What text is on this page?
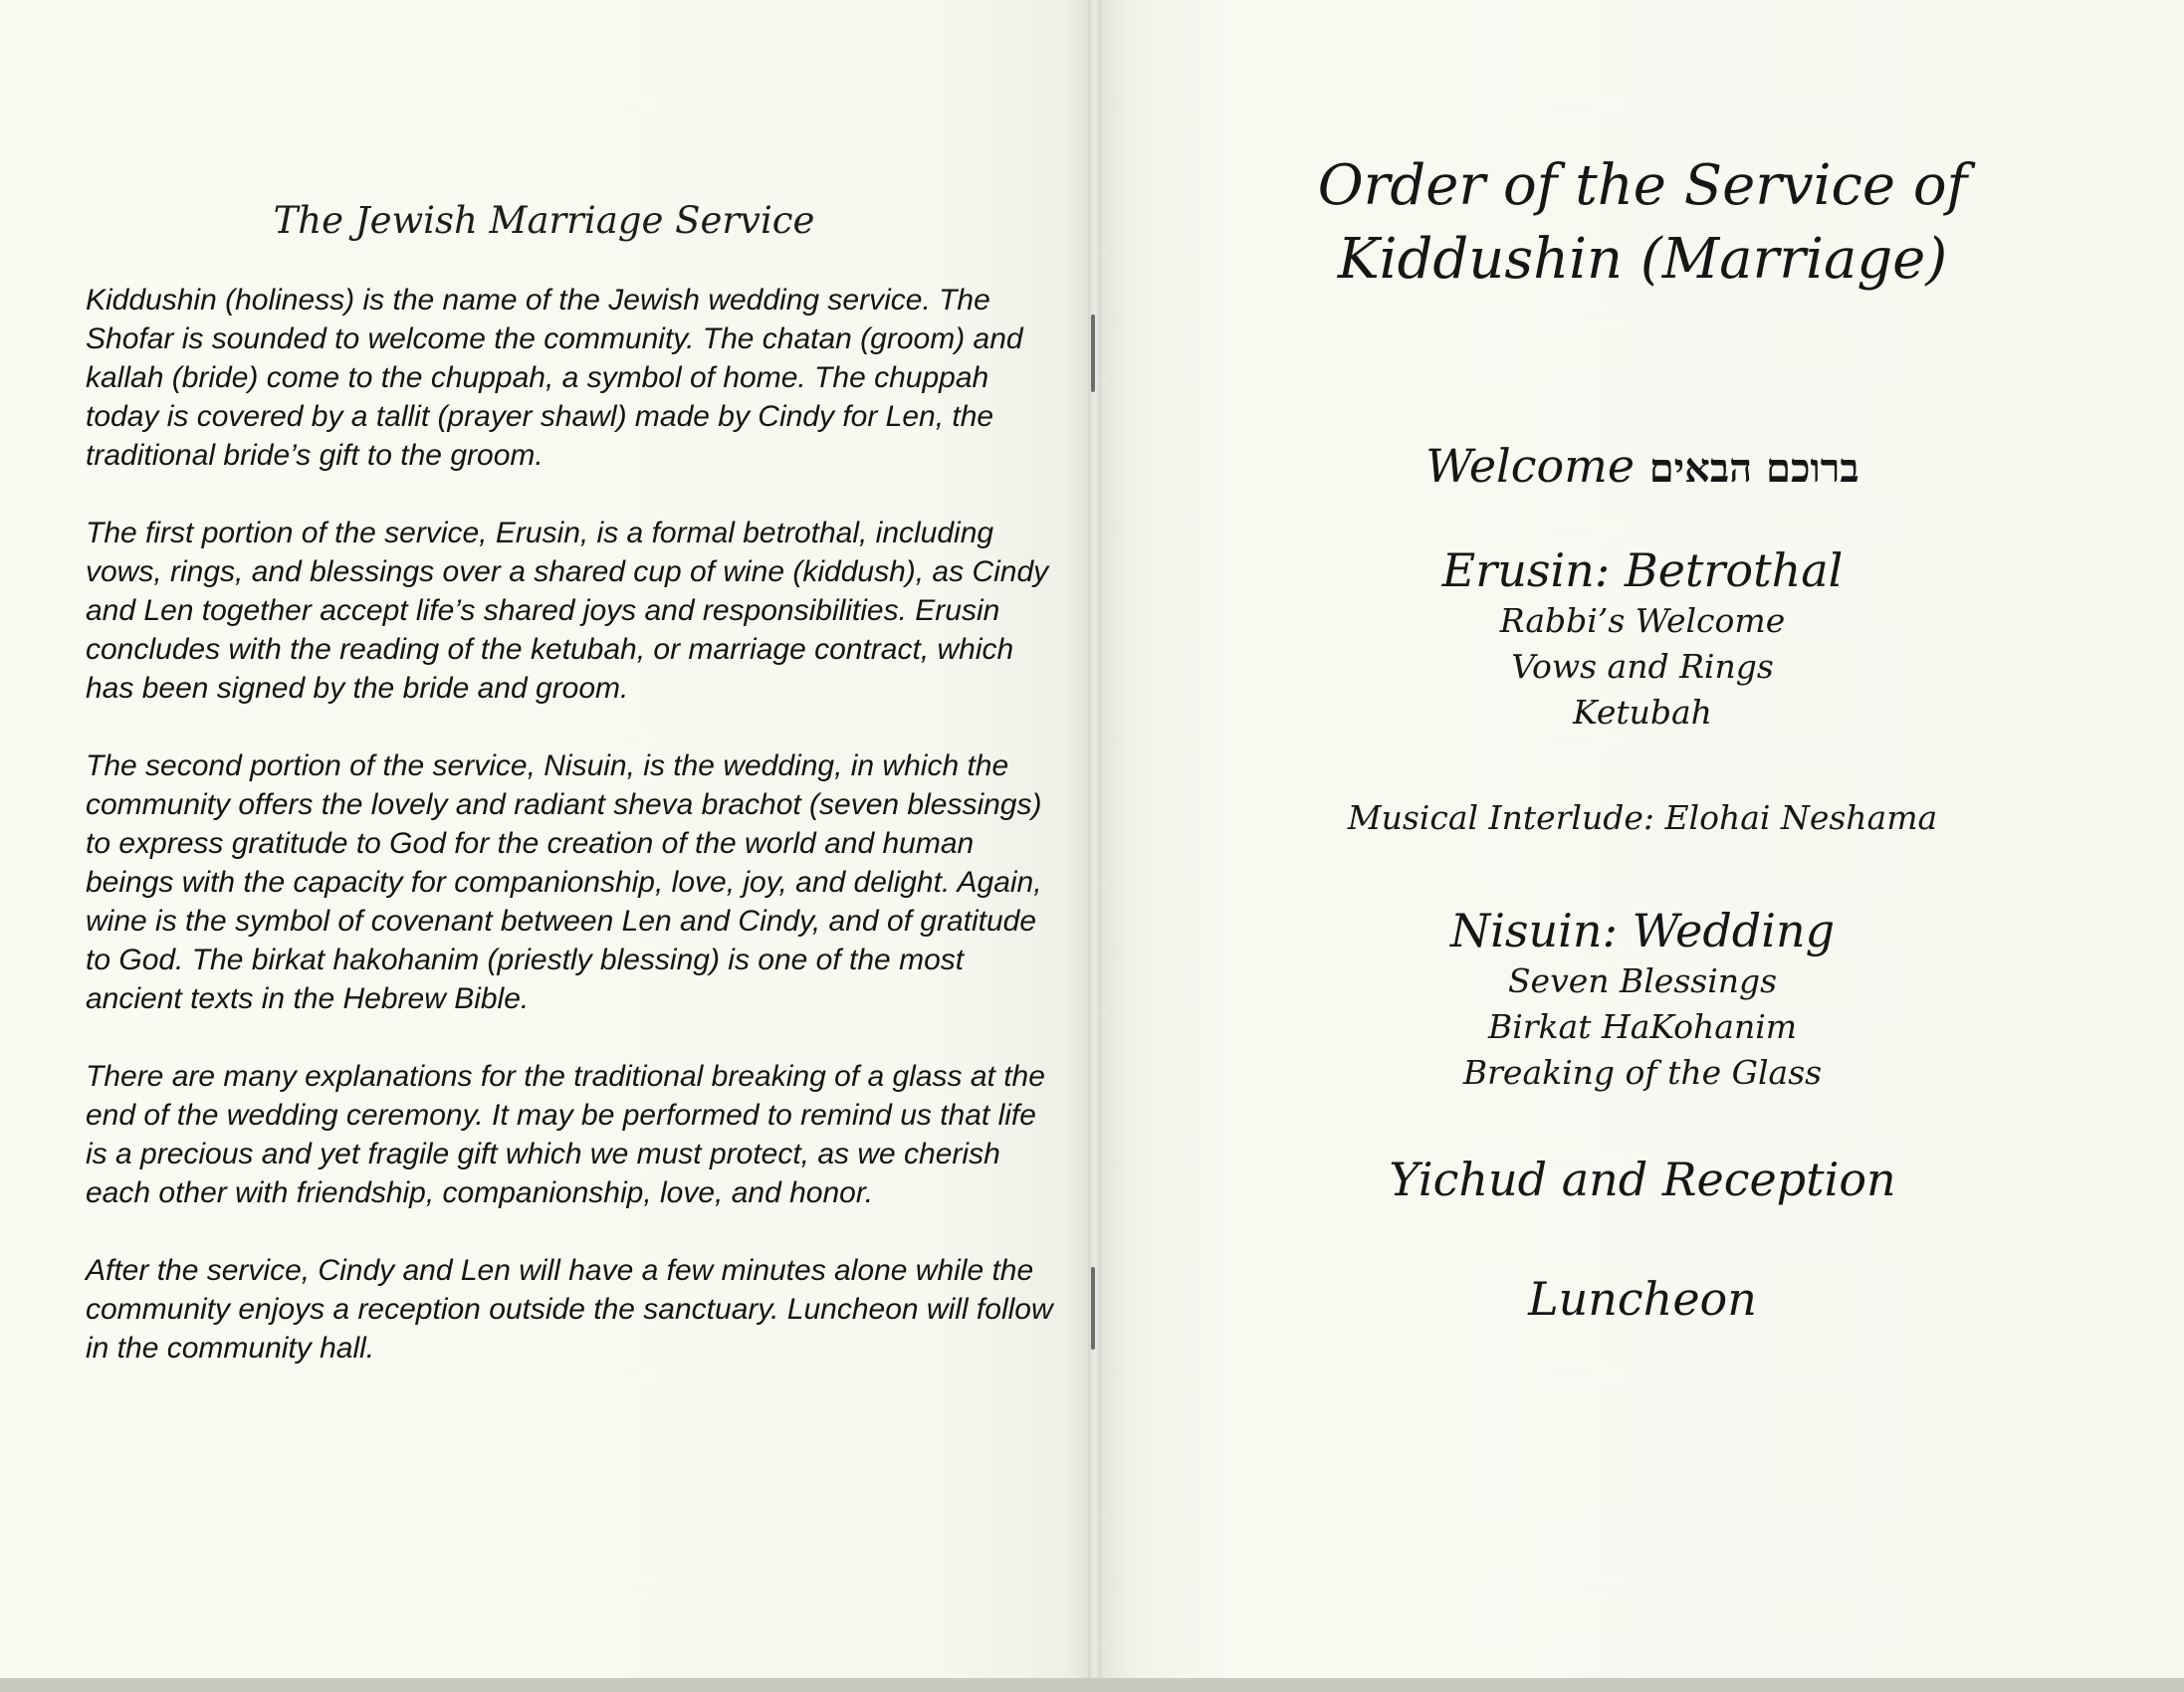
The Jewish Marriage Service

Kiddushin (holiness) is the name of the Jewish wedding service. The Shofar is sounded to welcome the community. The chatan (groom) and kallah (bride) come to the chuppah, a symbol of home. The chuppah today is covered by a tallit (prayer shawl) made by Cindy for Len, the traditional bride’s gift to the groom.

The first portion of the service, Erusin, is a formal betrothal, including vows, rings, and blessings over a shared cup of wine (kiddush), as Cindy and Len together accept life’s shared joys and responsibilities. Erusin concludes with the reading of the ketubah, or marriage contract, which has been signed by the bride and groom.

The second portion of the service, Nisuin, is the wedding, in which the community offers the lovely and radiant sheva brachot (seven blessings) to express gratitude to God for the creation of the world and human beings with the capacity for companionship, love, joy, and delight. Again, wine is the symbol of covenant between Len and Cindy, and of gratitude to God. The birkat hakohanim (priestly blessing) is one of the most ancient texts in the Hebrew Bible.

There are many explanations for the traditional breaking of a glass at the end of the wedding ceremony. It may be performed to remind us that life is a precious and yet fragile gift which we must protect, as we cherish each other with friendship, companionship, love, and honor.

After the service, Cindy and Len will have a few minutes alone while the community enjoys a reception outside the sanctuary. Luncheon will follow in the community hall.

Order of the Service of
Kiddushin (Marriage)
Welcome ברוכם הבאים
Erusin: Betrothal
Rabbi’s Welcome
Vows and Rings
Ketubah
Musical Interlude: Elohai Neshama
Nisuin: Wedding
Seven Blessings
Birkat HaKohanim
Breaking of the Glass
Yichud and Reception
Luncheon
